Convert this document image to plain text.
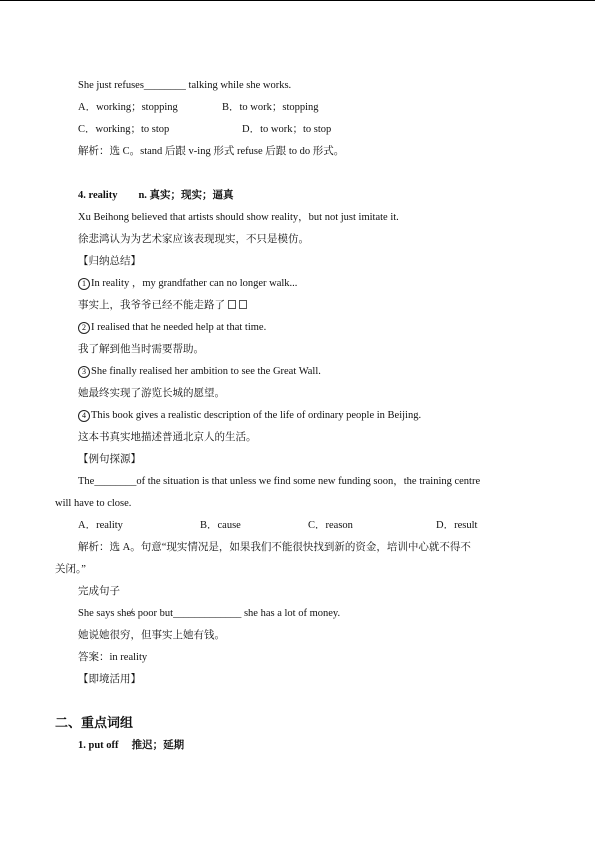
She just refuses________ talking while she works.
A．working；stopping	B．to work；stopping
C．working；to stop	D．to work；to stop
解析：选 C。stand 后跟 v-ing 形式 refuse 后跟 to do 形式。
4. reality　　n. 真实；现实；逼真
Xu Beihong believed that artists should show reality，but not just imitate it.
徐悲鸿认为为艺术家应该表现现实，不只是模仿。
【归纳总结】
1 In reality ，my grandfather can no longer walk...
事实上，我爷爷已经不能走路了
2 I realised that he needed help at that time.
我了解到他当时需要帮助。
3 She finally realised her ambition to see the Great Wall.
她最终实现了游览长城的愿望。
4 This book gives a realistic description of the life of ordinary people in Beijing.
这本书真实地描述普通北京人的生活。
【例句探源】
The________of the situation is that unless we find some new funding soon，the training centre
will have to close.
A．reality	B．cause	C．reason	D．result
解析：选 A。句意“现实情况是，如果我们不能很快找到新的资金，培训中心就不得不
关闭。”
完成句子
She says she̸s poor but_____________ she has a lot of money.
她说她很穷，但事实上她有钱。
答案：in reality
【即境活用】
二、重点词组
1. put off　 推迟；延期
